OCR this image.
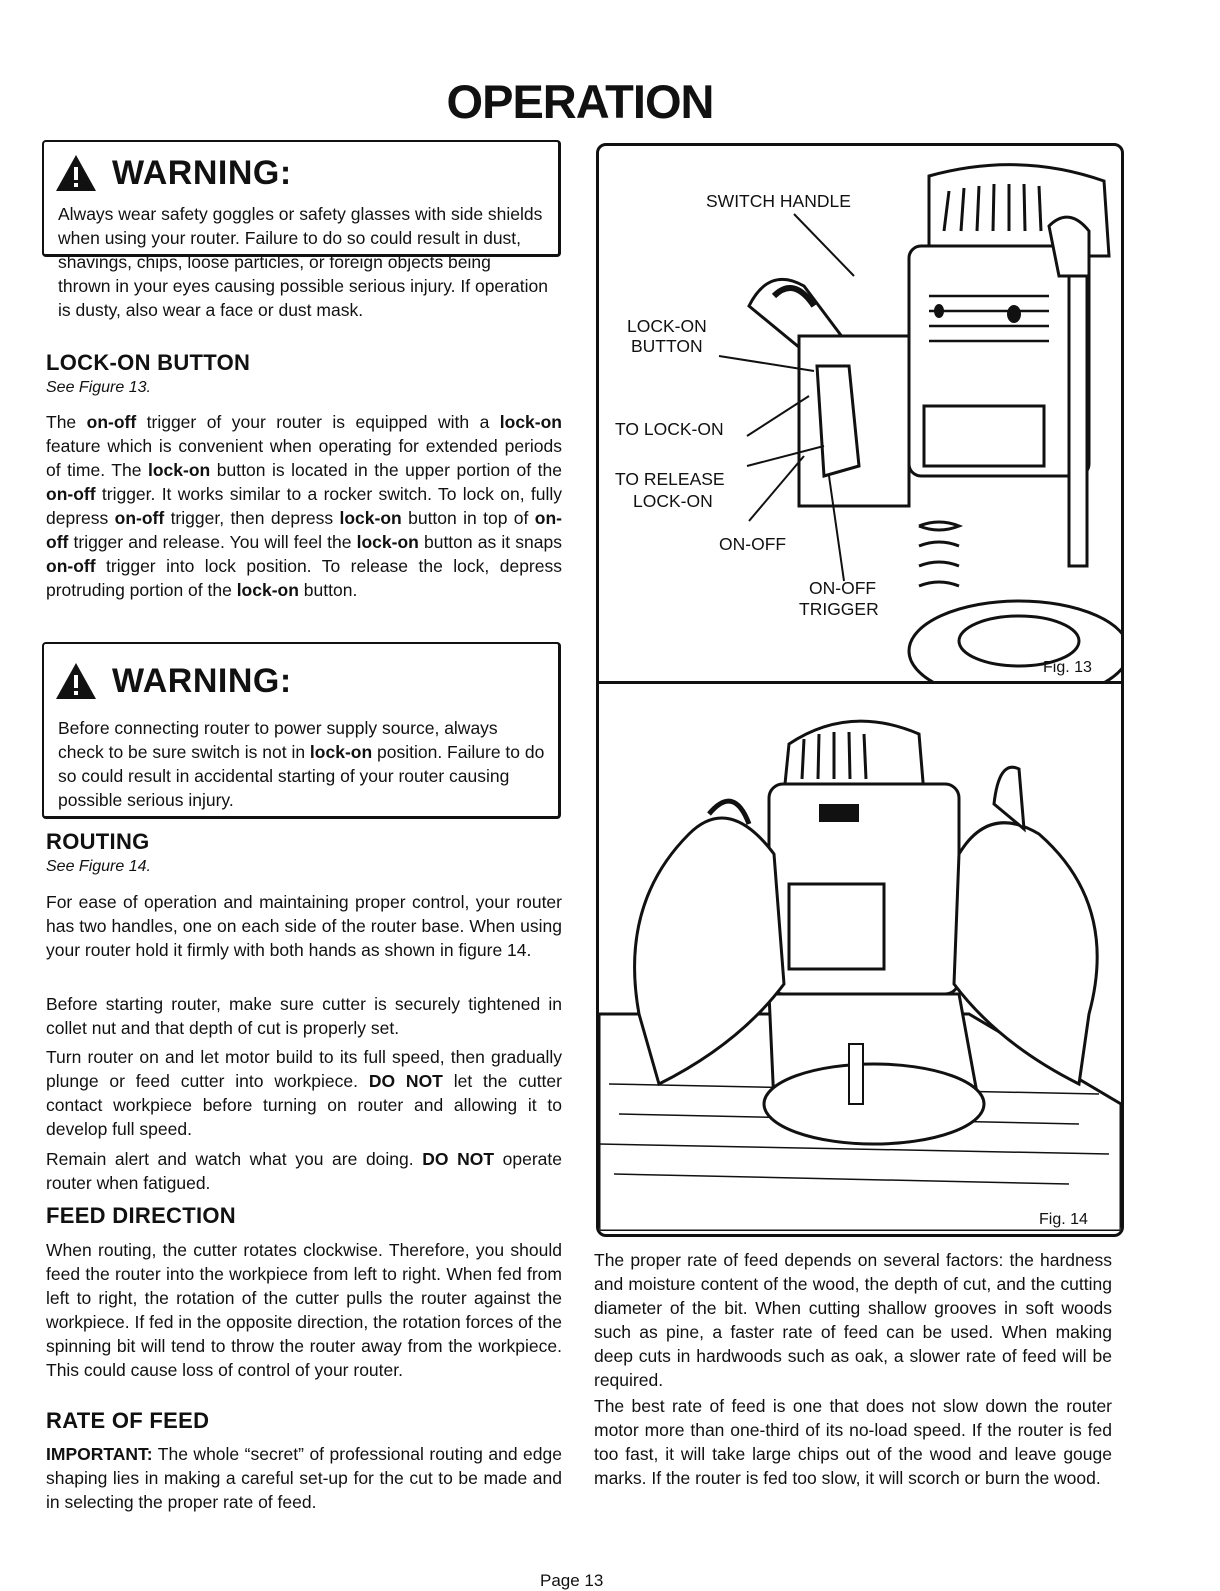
OPERATION
WARNING:

Always wear safety goggles or safety glasses with side shields when using your router. Failure to do so could result in dust, shavings, chips, loose particles, or foreign objects being thrown in your eyes causing possible serious injury. If operation is dusty, also wear a face or dust mask.

LOCK-ON BUTTON
See Figure 13.

The on-off trigger of your router is equipped with a lock-on feature which is convenient when operating for extended periods of time. The lock-on button is located in the upper portion of the on-off trigger. It works similar to a rocker switch. To lock on, fully depress on-off trigger, then depress lock-on button in top of on-off trigger and release. You will feel the lock-on button as it snaps on-off trigger into lock position. To release the lock, depress protruding portion of the lock-on button.

WARNING:

Before connecting router to power supply source, always check to be sure switch is not in lock-on position. Failure to do so could result in accidental starting of your router causing possible serious injury.

ROUTING
See Figure 14.

For ease of operation and maintaining proper control, your router has two handles, one on each side of the router base. When using your router hold it firmly with both hands as shown in figure 14.

Before starting router, make sure cutter is securely tightened in collet nut and that depth of cut is properly set.

Turn router on and let motor build to its full speed, then gradually plunge or feed cutter into workpiece. DO NOT let the cutter contact workpiece before turning on router and allowing it to develop full speed.

Remain alert and watch what you are doing. DO NOT operate router when fatigued.

FEED DIRECTION

When routing, the cutter rotates clockwise. Therefore, you should feed the router into the workpiece from left to right. When fed from left to right, the rotation of the cutter pulls the router against the workpiece. If fed in the opposite direction, the rotation forces of the spinning bit will tend to throw the router away from the workpiece. This could cause loss of control of your router.

RATE OF FEED

IMPORTANT: The whole “secret” of professional routing and edge shaping lies in making a careful set-up for the cut to be made and in selecting the proper rate of feed.

SWITCH HANDLE
LOCK-ON
BUTTON
TO LOCK-ON
TO RELEASE
LOCK-ON
ON-OFF
ON-OFF
TRIGGER
Fig. 13
Fig. 14

The proper rate of feed depends on several factors: the hardness and moisture content of the wood, the depth of cut, and the cutting diameter of the bit. When cutting shallow grooves in soft woods such as pine, a faster rate of feed can be used. When making deep cuts in hardwoods such as oak, a slower rate of feed will be required.

The best rate of feed is one that does not slow down the router motor more than one-third of its no-load speed. If the router is fed too fast, it will take large chips out of the wood and leave gouge marks. If the router is fed too slow, it will scorch or burn the wood.

Page 13
